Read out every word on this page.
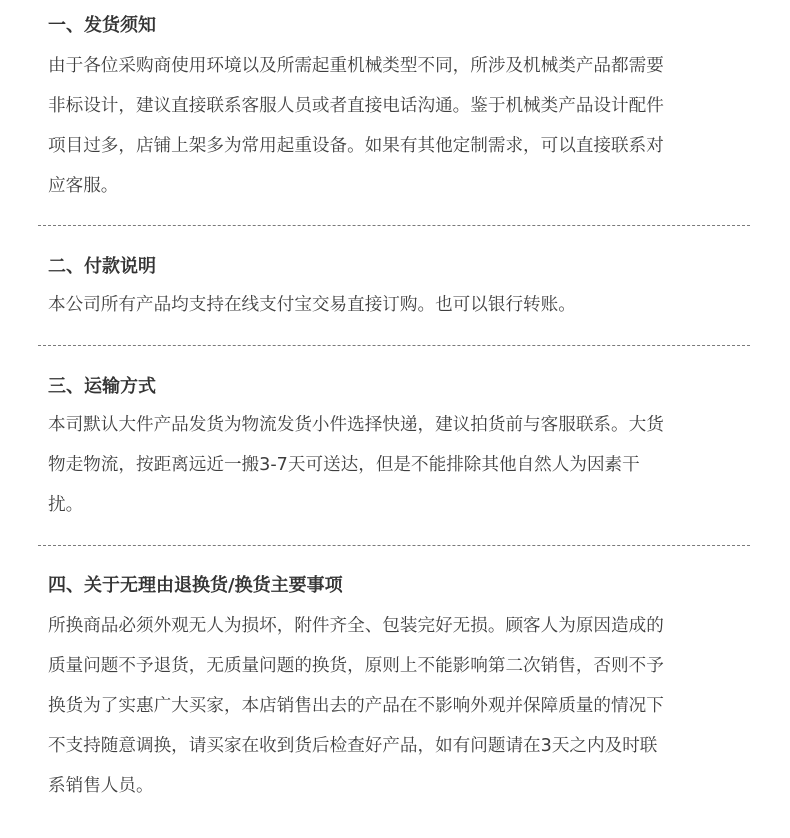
一、发货须知

由于各位采购商使用环境以及所需起重机械类型不同，所涉及机械类产品都需要
非标设计，建议直接联系客服人员或者直接电话沟通。鉴于机械类产品设计配件
项目过多，店铺上架多为常用起重设备。如果有其他定制需求，可以直接联系对
应客服。

二、付款说明

本公司所有产品均支持在线支付宝交易直接订购。也可以银行转账。

三、运输方式

本司默认大件产品发货为物流发货小件选择快递，建议拍货前与客服联系。大货
物走物流，按距离远近一搬3-7天可送达，但是不能排除其他自然人为因素干
扰。

四、关于无理由退换货/换货主要事项

所换商品必须外观无人为损坏，附件齐全、包装完好无损。顾客人为原因造成的
质量问题不予退货，无质量问题的换货，原则上不能影响第二次销售，否则不予
换货为了实惠广大买家，本店销售出去的产品在不影响外观并保障质量的情况下
不支持随意调换，请买家在收到货后检查好产品，如有问题请在3天之内及时联
系销售人员。
